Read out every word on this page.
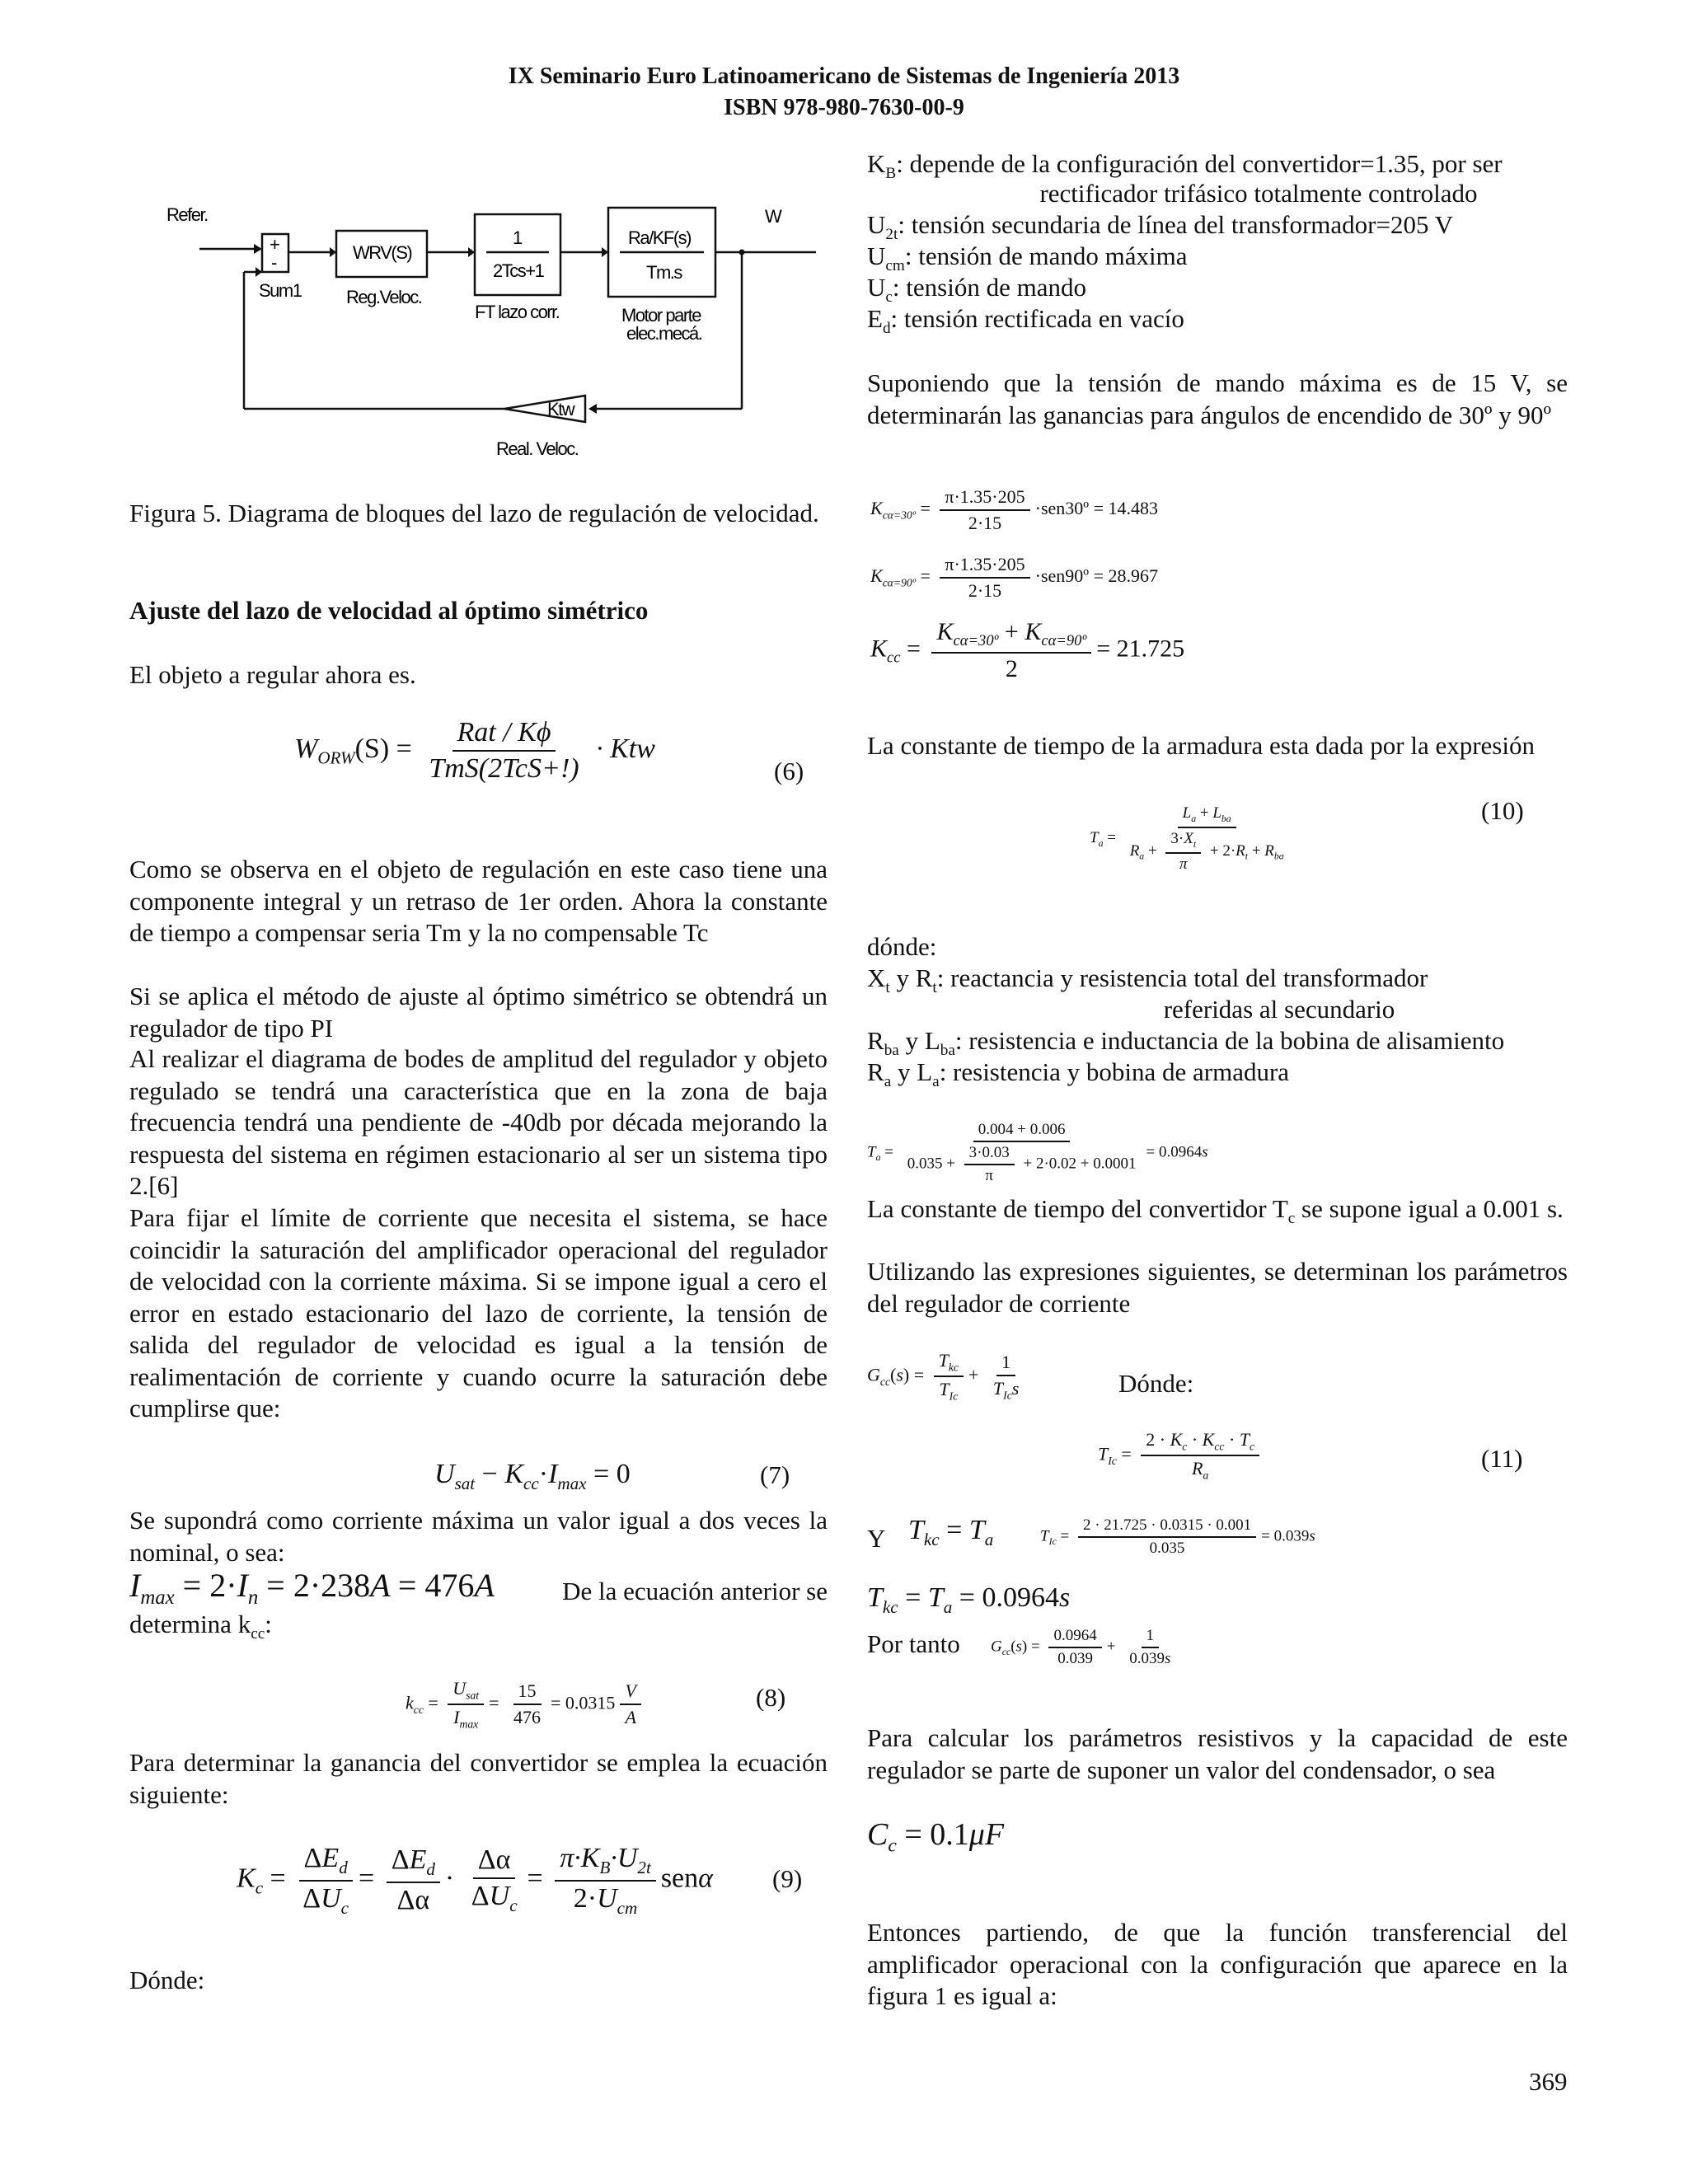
IX Seminario Euro Latinoamericano de Sistemas de Ingeniería 2013
ISBN 978-980-7630-00-9
Refer.	W
+
-
Sum1
WRV(S)
Reg.Veloc.
1
2Tcs+1
FT lazo corr.
Ra/KF(s)
Tm.s
Motor parte
elec.mecá.
Ktw
Real. Veloc.

Figura 5. Diagrama de bloques del lazo de regulación de velocidad.

Ajuste del lazo de velocidad al óptimo simétrico

El objeto a regular ahora es.

$W_{ORW}(S) = \frac{\text{Rat / Kϕ}}{\text{TmS(2TcS+!)}}$ · Ktw
(6)

Como se observa en el objeto de regulación en este caso tiene una componente integral y un retraso de 1er orden. Ahora la constante de tiempo a compensar seria Tm y la no compensable Tc

Si se aplica el método de ajuste al óptimo simétrico se obtendrá un regulador de tipo PI

Al realizar el diagrama de bodes de amplitud del regulador y objeto regulado se tendrá una característica que en la zona de baja frecuencia tendrá una pendiente de -40db por década mejorando la respuesta del sistema en régimen estacionario al ser un sistema tipo 2.[6]

Para fijar el límite de corriente que necesita el sistema, se hace coincidir la saturación del amplificador operacional del regulador de velocidad con la corriente máxima. Si se impone igual a cero el error en estado estacionario del lazo de corriente, la tensión de salida del regulador de velocidad es igual a la tensión de realimentación de corriente y cuando ocurre la saturación debe cumplirse que:

$U_{sat} - K_{cc}\cdot I_{max} = 0$	(7)

Se supondrá como corriente máxima un valor igual a dos veces la nominal, o sea:

$I_{max} = 2\cdot I_n = 2\cdot 238A = 476A$	De la ecuación anterior se

determina $k_{cc}$:

$k_{cc} = \frac{U_{sat}}{I_{max}} = \frac{15}{476} = 0.0315 \frac{V}{A}$	(8)

Para determinar la ganancia del convertidor se emplea la ecuación siguiente:

$K_c = \frac{\Delta E_d}{\Delta U_c} = \frac{\Delta E_d}{\Delta\alpha} \cdot \frac{\Delta\alpha}{\Delta U_c} = \frac{\pi\cdot K_B\cdot U_{2t}}{2\cdot U_{cm}}$ senα (9)

Dónde:

$K_B$: depende de la configuración del convertidor=1.35, por ser

rectificador trifásico totalmente controlado

$U_{2t}$: tensión secundaria de línea del transformador=205 V

$U_{cm}$: tensión de mando máxima

$U_c$: tensión de mando

$E_d$: tensión rectificada en vacío

Suponiendo que la tensión de mando máxima es de 15 V, se determinarán las ganancias para ángulos de encendido de 30º y 90º

$K_{c\alpha=30º} = \frac{\pi\cdot 1.35\cdot 205}{2\cdot 15}$ ·sen30º = 14.483
$K_{c\alpha=90º} = \frac{\pi\cdot 1.35\cdot 205}{2\cdot 15}$ ·sen90º = 28.967
$K_{cc} = \frac{K_{c\alpha=30º} + K_{c\alpha=90º}}{2} = 21.725$

La constante de tiempo de la armadura esta dada por la expresión

$T_a = \frac{L_a + L_{ba}}{R_a + \frac{3\cdot X_t}{\pi} + 2\cdot R_t + R_{ba}}$	(10)

dónde:

$X_t$ y $R_t$: reactancia y resistencia total del transformador

referidas al secundario

$R_{ba}$ y $L_{ba}$: resistencia e inductancia de la bobina de alisamiento

$R_a$ y $L_a$: resistencia y bobina de armadura

$T_a = \frac{0.004 + 0.006}{0.035 + \frac{3\cdot 0.03}{\pi} + 2\cdot 0.02 + 0.0001} = 0.0964s$

La constante de tiempo del convertidor $T_c$ se supone igual a 0.001 s.

Utilizando las expresiones siguientes, se determinan los parámetros del regulador de corriente

$G_{cc}(s) = \frac{T_{kc}}{T_{Ic}} + \frac{1}{T_{Ic}s}$	Dónde:
$T_{Ic} = \frac{2 \cdot K_c \cdot K_{cc} \cdot T_c}{R_a}$	(11)
Y $T_{kc} = T_a$	$T_{Ic} = \frac{2 \cdot 21.725 \cdot 0.0315 \cdot 0.001}{0.035} = 0.039s$
$T_{kc} = T_a = 0.0964s$
Por tanto	$G_{cc}(s) = \frac{0.0964}{0.039} + \frac{1}{0.039s}$

Para calcular los parámetros resistivos y la capacidad de este regulador se parte de suponer un valor del condensador, o sea

$C_c = 0.1\mu F$

Entonces partiendo, de que la función transferencial del amplificador operacional con la configuración que aparece en la figura 1 es igual a:

369
